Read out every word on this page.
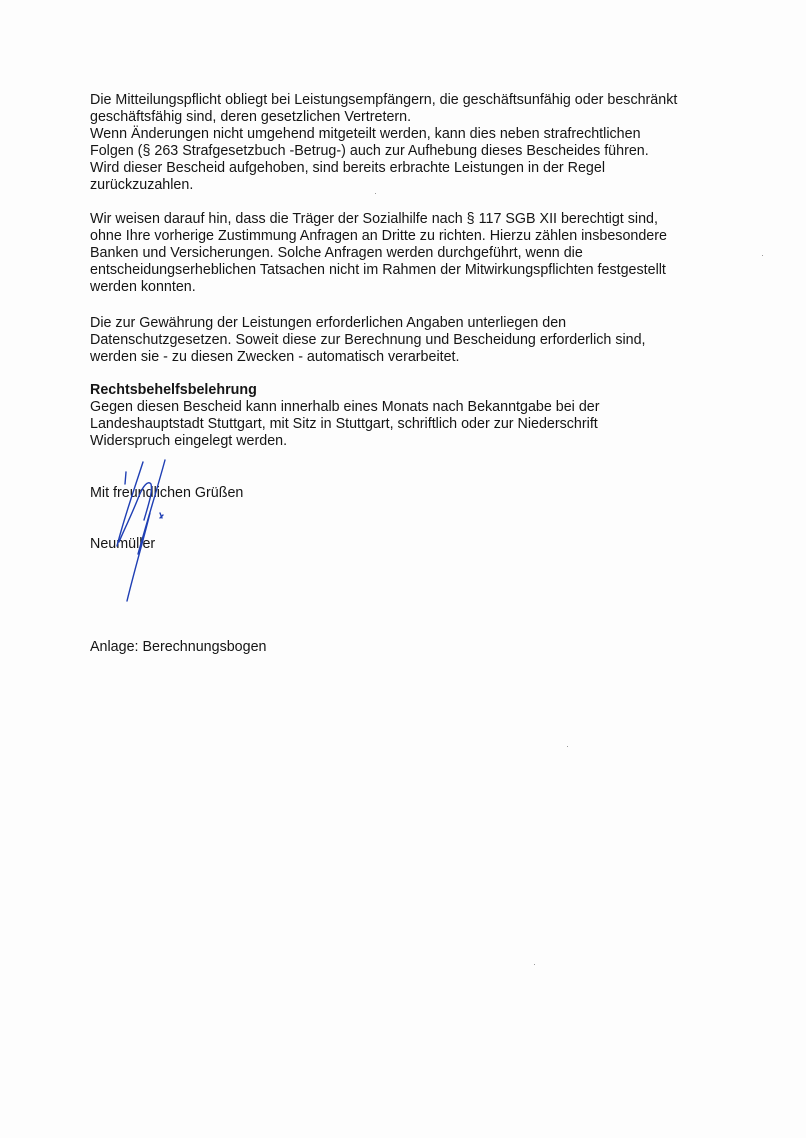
Die Mitteilungspflicht obliegt bei Leistungsempfängern, die geschäftsunfähig oder beschränkt
geschäftsfähig sind, deren gesetzlichen Vertretern.
Wenn Änderungen nicht umgehend mitgeteilt werden, kann dies neben strafrechtlichen
Folgen (§ 263 Strafgesetzbuch -Betrug-) auch zur Aufhebung dieses Bescheides führen.
Wird dieser Bescheid aufgehoben, sind bereits erbrachte Leistungen in der Regel
zurückzuzahlen.
Wir weisen darauf hin, dass die Träger der Sozialhilfe nach § 117 SGB XII berechtigt sind,
ohne Ihre vorherige Zustimmung Anfragen an Dritte zu richten. Hierzu zählen insbesondere
Banken und Versicherungen. Solche Anfragen werden durchgeführt, wenn die
entscheidungserheblichen Tatsachen nicht im Rahmen der Mitwirkungspflichten festgestellt
werden konnten.
Die zur Gewährung der Leistungen erforderlichen Angaben unterliegen den
Datenschutzgesetzen. Soweit diese zur Berechnung und Bescheidung erforderlich sind,
werden sie - zu diesen Zwecken - automatisch verarbeitet.
Rechtsbehelfsbelehrung
Gegen diesen Bescheid kann innerhalb eines Monats nach Bekanntgabe bei der
Landeshauptstadt Stuttgart, mit Sitz in Stuttgart, schriftlich oder zur Niederschrift
Widerspruch eingelegt werden.
Mit freundlichen Grüßen
Neumüller
Anlage: Berechnungsbogen
